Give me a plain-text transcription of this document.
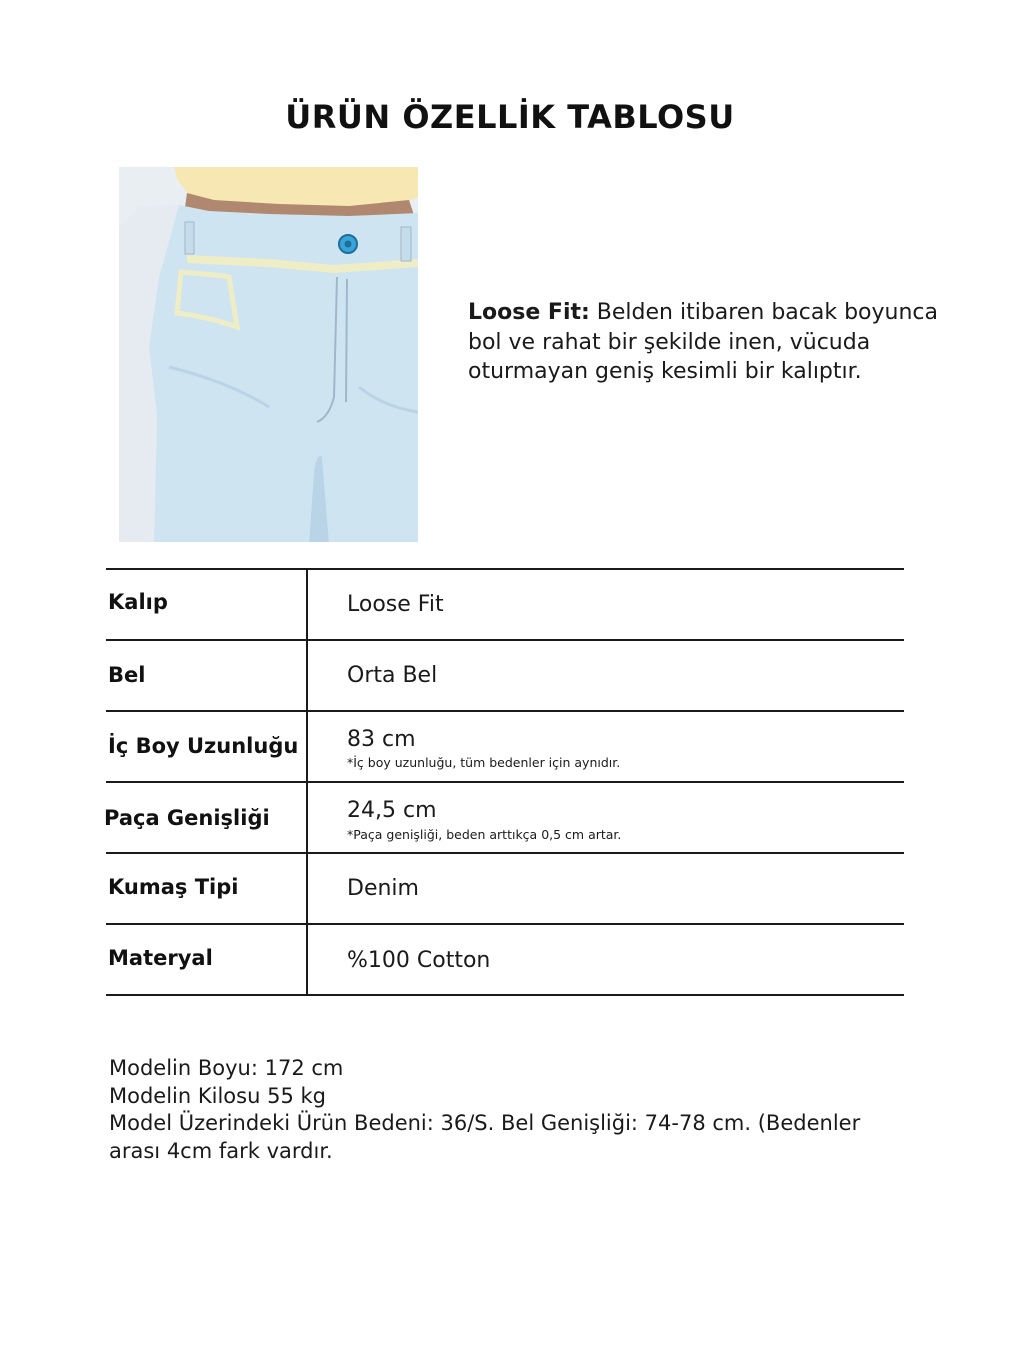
ÜRÜN ÖZELLİK TABLOSU
Loose Fit: Belden itibaren bacak boyunca bol ve rahat bir şekilde inen, vücuda oturmayan geniş kesimli bir kalıptır.
Kalıp	Loose Fit
Bel	Orta Bel
İç Boy Uzunluğu 83 cm
*İç boy uzunluğu, tüm bedenler için aynıdır.
Paça Genişliği	24,5 cm
*Paça genişliği, beden arttıkça 0,5 cm artar.
Kumaş Tipi	Denim
Materyal	%100 Cotton
Modelin Boyu: 172 cm
Modelin Kilosu 55 kg
Model Üzerindeki Ürün Bedeni: 36/S. Bel Genişliği: 74-78 cm. (Bedenler
arası 4cm fark vardır.
